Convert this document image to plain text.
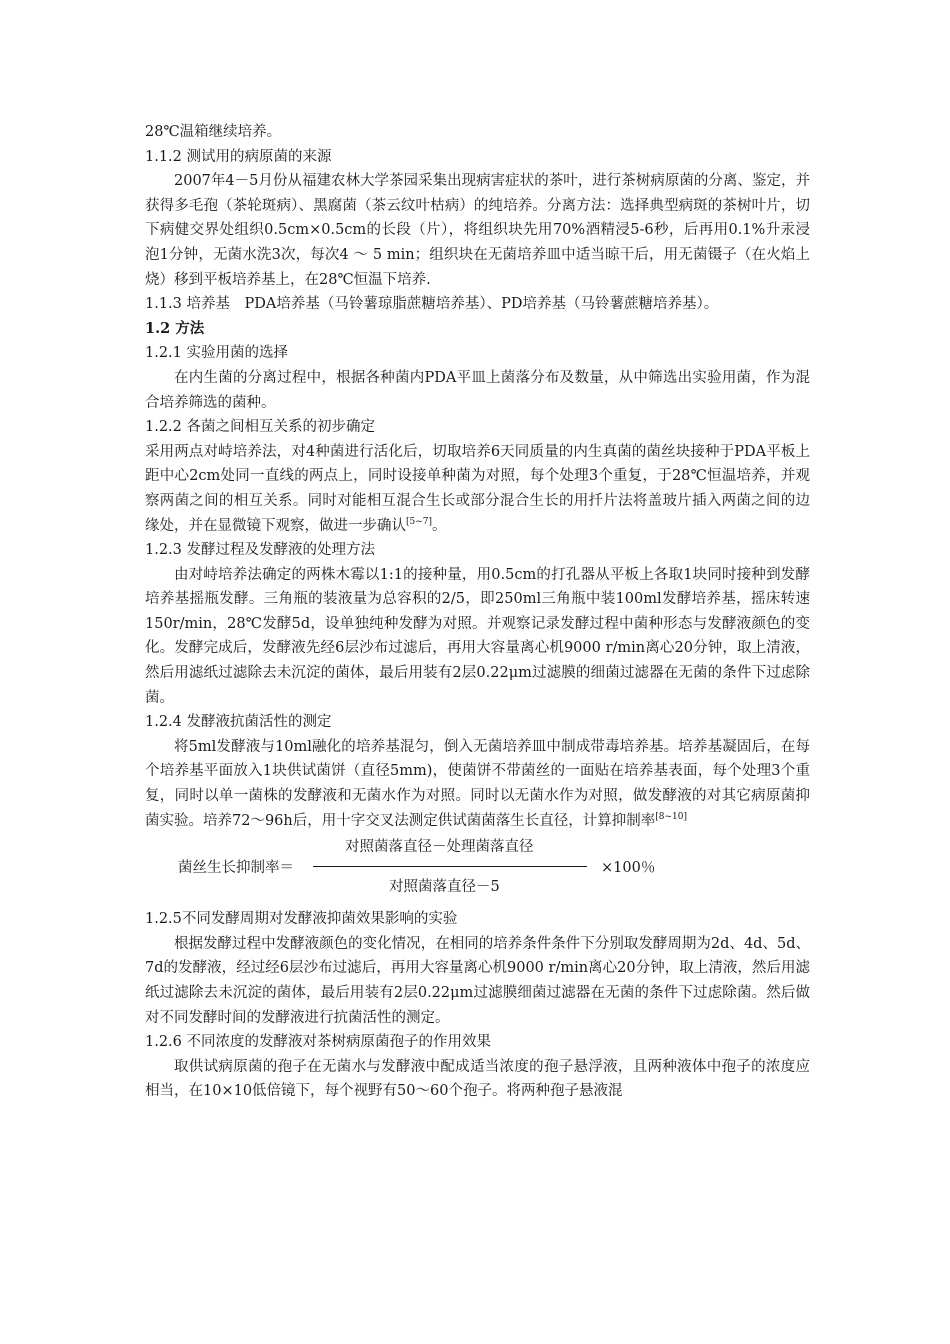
28℃温箱继续培养。

1.1.2 测试用的病原菌的来源

2007年4－5月份从福建农林大学茶园采集出现病害症状的茶叶，进行茶树病原菌的分离、鉴定，并获得多毛孢（茶轮斑病）、黑腐菌（茶云纹叶枯病）的纯培养。分离方法：选择典型病斑的茶树叶片，切下病健交界处组织0.5cm×0.5cm的长段（片），将组织块先用70%酒精浸5-6秒，后再用0.1%升汞浸泡1分钟，无菌水洗3次，每次4 ～ 5 min；组织块在无菌培养皿中适当晾干后，用无菌镊子（在火焰上烧）移到平板培养基上，在28℃恒温下培养.

1.1.3 培养基　PDA培养基（马铃薯琼脂蔗糖培养基）、PD培养基（马铃薯蔗糖培养基）。

1.2 方法

1.2.1 实验用菌的选择

在内生菌的分离过程中，根据各种菌内PDA平皿上菌落分布及数量，从中筛选出实验用菌，作为混合培养筛选的菌种。

1.2.2 各菌之间相互关系的初步确定

采用两点对峙培养法，对4种菌进行活化后，切取培养6天同质量的内生真菌的菌丝块接种于PDA平板上距中心2cm处同一直线的两点上，同时设接单种菌为对照，每个处理3个重复，于28℃恒温培养，并观察两菌之间的相互关系。同时对能相互混合生长或部分混合生长的用扦片法将盖玻片插入两菌之间的边缘处，并在显微镜下观察，做进一步确认[5~7]。

1.2.3 发酵过程及发酵液的处理方法

由对峙培养法确定的两株木霉以1:1的接种量，用0.5cm的打孔器从平板上各取1块同时接种到发酵培养基摇瓶发酵。三角瓶的装液量为总容积的2/5，即250ml三角瓶中装100ml发酵培养基，摇床转速150r/min，28℃发酵5d，设单独纯种发酵为对照。并观察记录发酵过程中菌种形态与发酵液颜色的变化。发酵完成后，发酵液先经6层沙布过滤后，再用大容量离心机9000 r/min离心20分钟，取上清液，然后用滤纸过滤除去未沉淀的菌体，最后用装有2层0.22μm过滤膜的细菌过滤器在无菌的条件下过虑除菌。

1.2.4 发酵液抗菌活性的测定

将5ml发酵液与10ml融化的培养基混匀，倒入无菌培养皿中制成带毒培养基。培养基凝固后，在每个培养基平面放入1块供试菌饼（直径5mm)，使菌饼不带菌丝的一面贴在培养基表面，每个处理3个重复，同时以单一菌株的发酵液和无菌水作为对照。同时以无菌水作为对照，做发酵液的对其它病原菌抑菌实验。培养72～96h后，用十字交叉法测定供试菌菌落生长直径，计算抑制率[8~10]

菌丝生长抑制率＝
对照菌落直径－处理菌落直径
对照菌落直径－5
×100％

1.2.5不同发酵周期对发酵液抑菌效果影响的实验

根据发酵过程中发酵液颜色的变化情况，在相同的培养条件条件下分别取发酵周期为2d、4d、5d、7d的发酵液，经过经6层沙布过滤后，再用大容量离心机9000 r/min离心20分钟，取上清液，然后用滤纸过滤除去未沉淀的菌体，最后用装有2层0.22μm过滤膜细菌过滤器在无菌的条件下过虑除菌。然后做对不同发酵时间的发酵液进行抗菌活性的测定。

1.2.6 不同浓度的发酵液对茶树病原菌孢子的作用效果

取供试病原菌的孢子在无菌水与发酵液中配成适当浓度的孢子悬浮液，且两种液体中孢子的浓度应相当，在10×10低倍镜下，每个视野有50～60个孢子。将两种孢子悬液混
